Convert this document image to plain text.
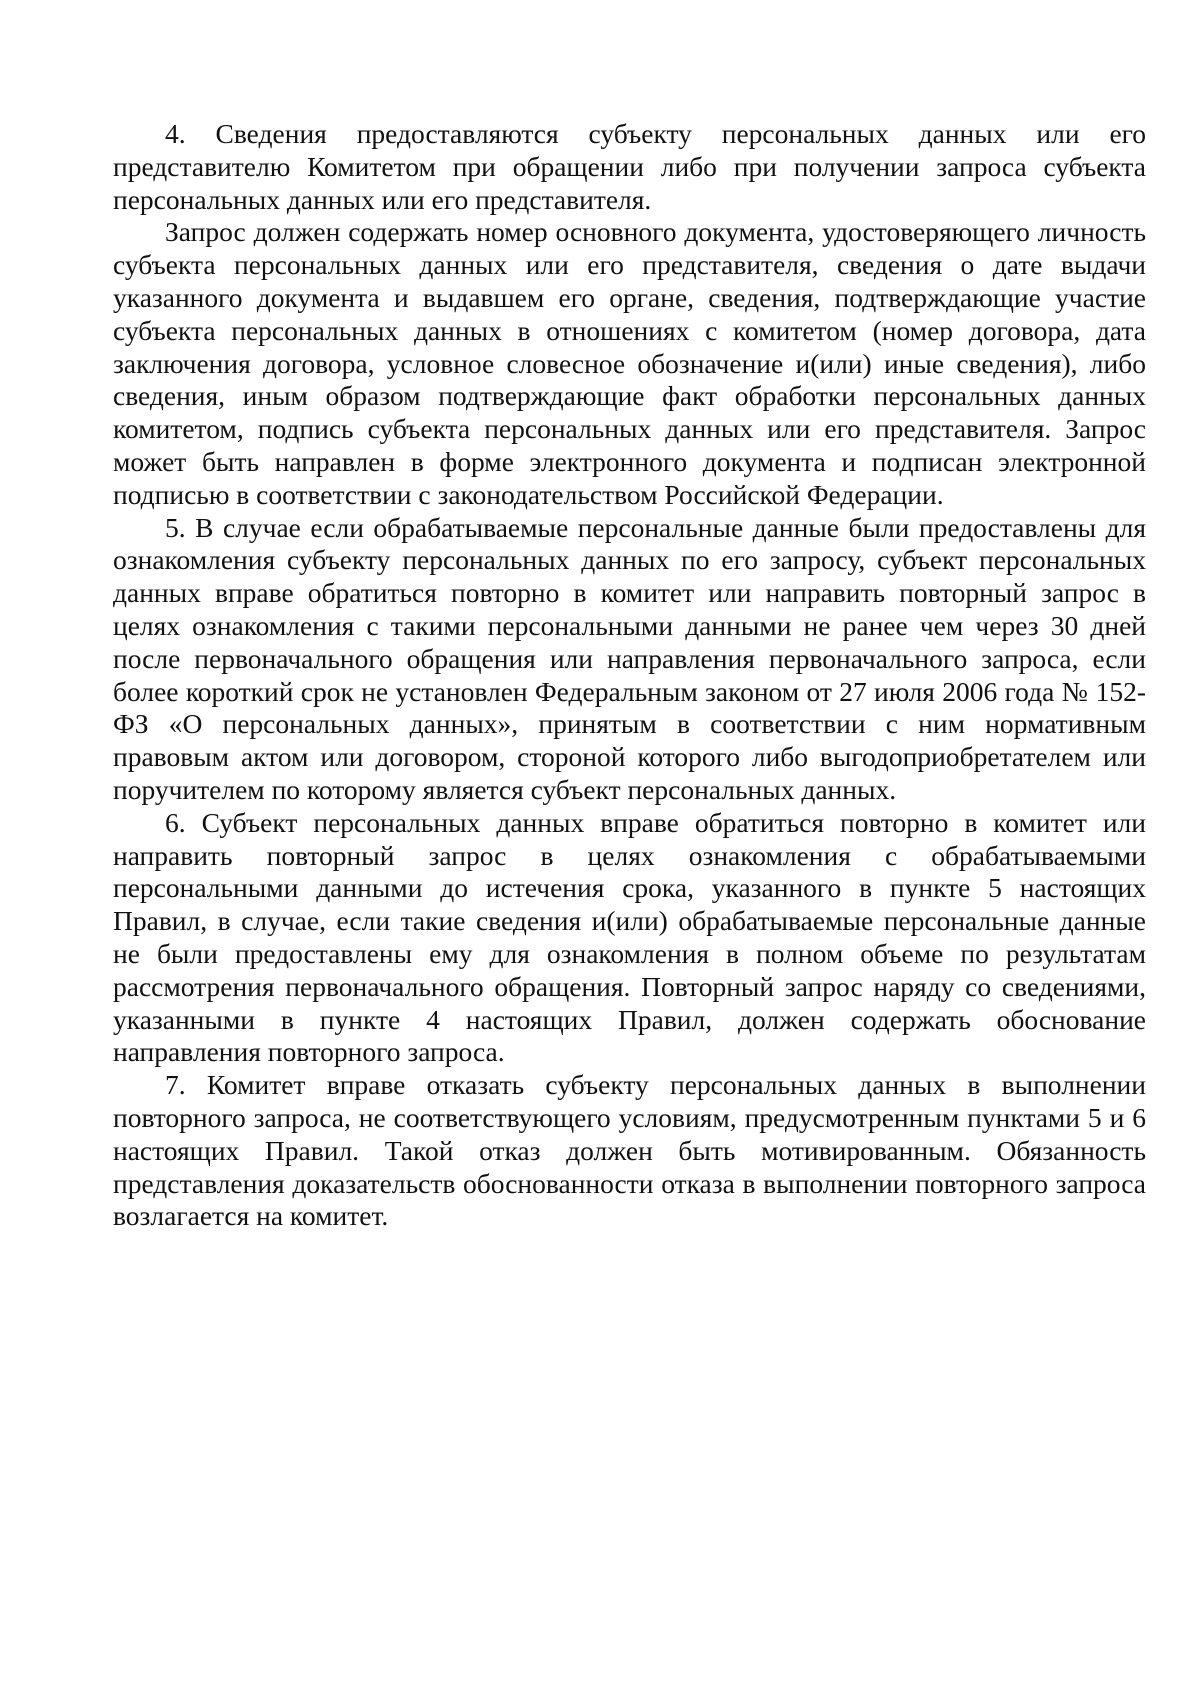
4. Сведения предоставляются субъекту персональных данных или его представителю Комитетом при обращении либо при получении запроса субъекта персональных данных или его представителя.

Запрос должен содержать номер основного документа, удостоверяющего личность субъекта персональных данных или его представителя, сведения о дате выдачи указанного документа и выдавшем его органе, сведения, подтверждающие участие субъекта персональных данных в отношениях с комитетом (номер договора, дата заключения договора, условное словесное обозначение и(или) иные сведения), либо сведения, иным образом подтверждающие факт обработки персональных данных комитетом, подпись субъекта персональных данных или его представителя. Запрос может быть направлен в форме электронного документа и подписан электронной подписью в соответствии с законодательством Российской Федерации.

5. В случае если обрабатываемые персональные данные были предоставлены для ознакомления субъекту персональных данных по его запросу, субъект персональных данных вправе обратиться повторно в комитет или направить повторный запрос в целях ознакомления с такими персональными данными не ранее чем через 30 дней после первоначального обращения или направления первоначального запроса, если более короткий срок не установлен Федеральным законом от 27 июля 2006 года № 152-ФЗ «О персональных данных», принятым в соответствии с ним нормативным правовым актом или договором, стороной которого либо выгодоприобретателем или поручителем по которому является субъект персональных данных.

6. Субъект персональных данных вправе обратиться повторно в комитет или направить повторный запрос в целях ознакомления с обрабатываемыми персональными данными до истечения срока, указанного в пункте 5 настоящих Правил, в случае, если такие сведения и(или) обрабатываемые персональные данные не были предоставлены ему для ознакомления в полном объеме по результатам рассмотрения первоначального обращения. Повторный запрос наряду со сведениями, указанными в пункте 4 настоящих Правил, должен содержать обоснование направления повторного запроса.

7. Комитет вправе отказать субъекту персональных данных в выполнении повторного запроса, не соответствующего условиям, предусмотренным пунктами 5 и 6 настоящих Правил. Такой отказ должен быть мотивированным. Обязанность представления доказательств обоснованности отказа в выполнении повторного запроса возлагается на комитет.
